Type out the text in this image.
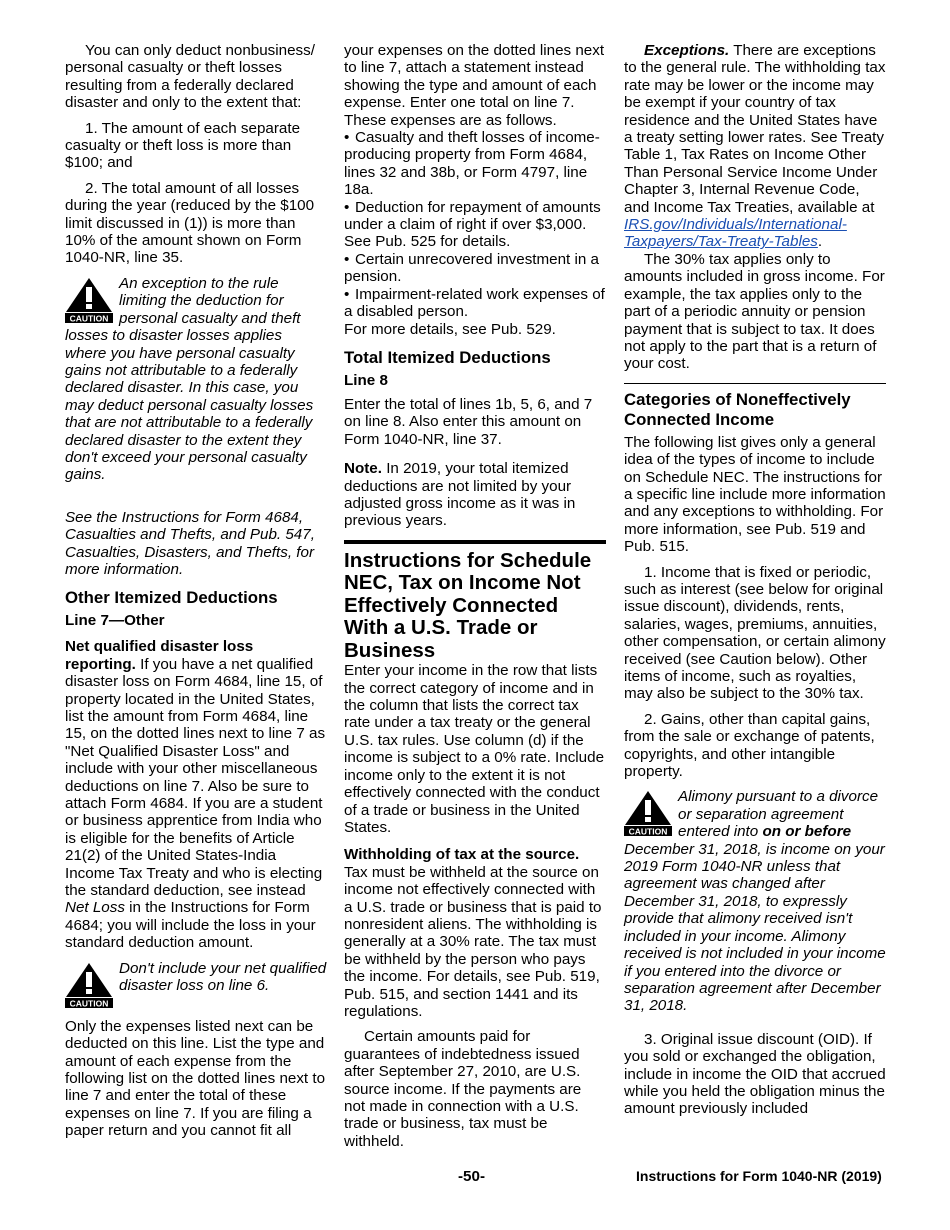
You can only deduct nonbusiness/ personal casualty or theft losses resulting from a federally declared disaster and only to the extent that:

1. The amount of each separate casualty or theft loss is more than $100; and

2. The total amount of all losses during the year (reduced by the $100 limit discussed in (1)) is more than 10% of the amount shown on Form 1040-NR, line 35.

CAUTION

An exception to the rule limiting the deduction for personal casualty and theft losses to disaster losses applies where you have personal casualty gains not attributable to a federally declared disaster. In this case, you may deduct personal casualty losses that are not attributable to a federally declared disaster to the extent they don't exceed your personal casualty gains.

See the Instructions for Form 4684, Casualties and Thefts, and Pub. 547, Casualties, Disasters, and Thefts, for more information.

Other Itemized Deductions
Line 7—Other

Net qualified disaster loss reporting. If you have a net qualified disaster loss on Form 4684, line 15, of property located in the United States, list the amount from Form 4684, line 15, on the dotted lines next to line 7 as "Net Qualified Disaster Loss" and include with your other miscellaneous deductions on line 7. Also be sure to attach Form 4684. If you are a student or business apprentice from India who is eligible for the benefits of Article 21(2) of the United States-India Income Tax Treaty and who is electing the standard deduction, see instead Net Loss in the Instructions for Form 4684; you will include the loss in your standard deduction amount.

CAUTION

Don't include your net qualified disaster loss on line 6.

Only the expenses listed next can be deducted on this line. List the type and amount of each expense from the following list on the dotted lines next to line 7 and enter the total of these expenses on line 7. If you are filing a paper return and you cannot fit all

your expenses on the dotted lines next to line 7, attach a statement instead showing the type and amount of each expense. Enter one total on line 7. These expenses are as follows.

• Casualty and theft losses of income-producing property from Form 4684, lines 32 and 38b, or Form 4797, line 18a.

• Deduction for repayment of amounts under a claim of right if over $3,000. See Pub. 525 for details.

• Certain unrecovered investment in a pension.

• Impairment-related work expenses of a disabled person.

For more details, see Pub. 529.

Total Itemized Deductions
Line 8

Enter the total of lines 1b, 5, 6, and 7 on line 8. Also enter this amount on Form 1040-NR, line 37.

Note. In 2019, your total itemized deductions are not limited by your adjusted gross income as it was in previous years.

Instructions for Schedule NEC, Tax on Income Not Effectively Connected With a U.S. Trade or Business

Enter your income in the row that lists the correct category of income and in the column that lists the correct tax rate under a tax treaty or the general U.S. tax rules. Use column (d) if the income is subject to a 0% rate. Include income only to the extent it is not effectively connected with the conduct of a trade or business in the United States.

Withholding of tax at the source. Tax must be withheld at the source on income not effectively connected with a U.S. trade or business that is paid to nonresident aliens. The withholding is generally at a 30% rate. The tax must be withheld by the person who pays the income. For details, see Pub. 519, Pub. 515, and section 1441 and its regulations.

Certain amounts paid for guarantees of indebtedness issued after September 27, 2010, are U.S. source income. If the payments are not made in connection with a U.S. trade or business, tax must be withheld.

Exceptions. There are exceptions to the general rule. The withholding tax rate may be lower or the income may be exempt if your country of tax residence and the United States have a treaty setting lower rates. See Treaty Table 1, Tax Rates on Income Other Than Personal Service Income Under Chapter 3, Internal Revenue Code, and Income Tax Treaties, available at IRS.gov/Individuals/International-Taxpayers/Tax-Treaty-Tables.

The 30% tax applies only to amounts included in gross income. For example, the tax applies only to the part of a periodic annuity or pension payment that is subject to tax. It does not apply to the part that is a return of your cost.

Categories of Noneffectively Connected Income

The following list gives only a general idea of the types of income to include on Schedule NEC. The instructions for a specific line include more information and any exceptions to withholding. For more information, see Pub. 519 and Pub. 515.

1. Income that is fixed or periodic, such as interest (see below for original issue discount), dividends, rents, salaries, wages, premiums, annuities, other compensation, or certain alimony received (see Caution below). Other items of income, such as royalties, may also be subject to the 30% tax.

2. Gains, other than capital gains, from the sale or exchange of patents, copyrights, and other intangible property.

CAUTION

Alimony pursuant to a divorce or separation agreement entered into on or before December 31, 2018, is income on your 2019 Form 1040-NR unless that agreement was changed after December 31, 2018, to expressly provide that alimony received isn't included in your income. Alimony received is not included in your income if you entered into the divorce or separation agreement after December 31, 2018.

3. Original issue discount (OID). If you sold or exchanged the obligation, include in income the OID that accrued while you held the obligation minus the amount previously included

-50-	Instructions for Form 1040-NR (2019)
